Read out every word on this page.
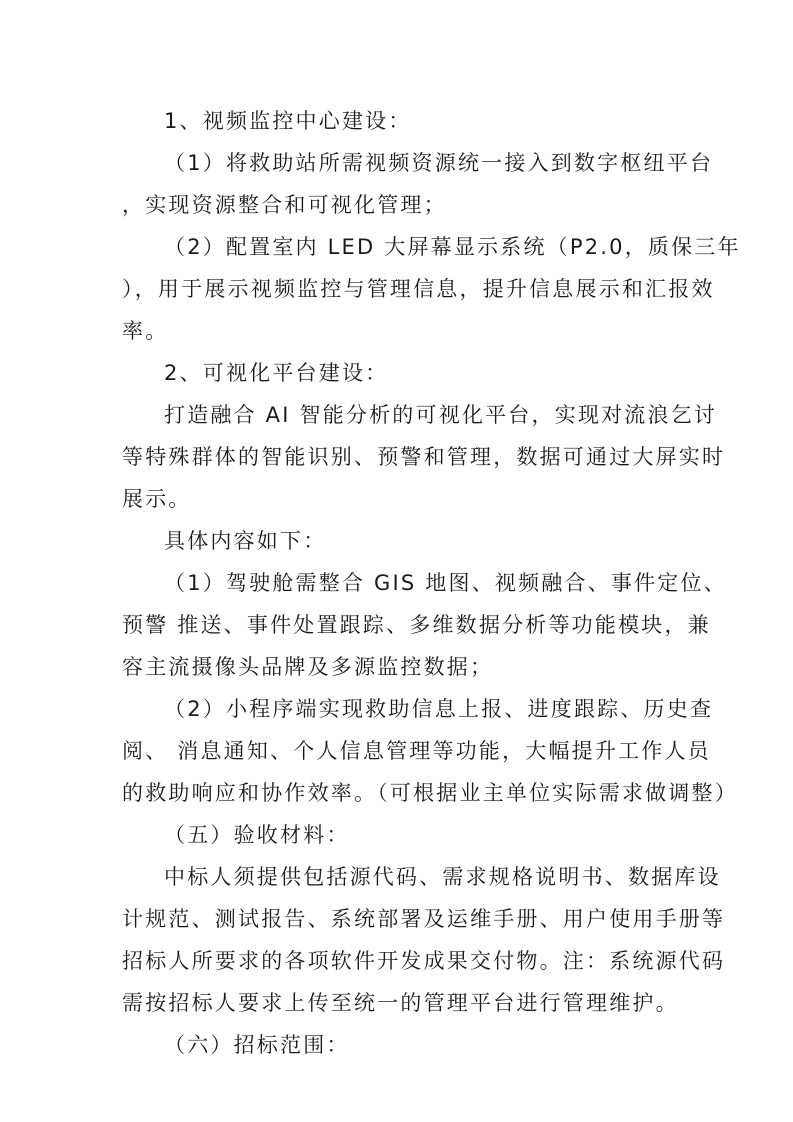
1、视频监控中心建设：
（1）将救助站所需视频资源统一接入到数字枢纽平台
，实现资源整合和可视化管理；
（2）配置室内 LED 大屏幕显示系统（P2.0，质保三年
），用于展示视频监控与管理信息，提升信息展示和汇报效
率。
2、可视化平台建设：
打造融合 AI 智能分析的可视化平台，实现对流浪乞讨
等特殊群体的智能识别、预警和管理，数据可通过大屏实时
展示。
具体内容如下：
（1）驾驶舱需整合 GIS 地图、视频融合、事件定位、
预警 推送、事件处置跟踪、多维数据分析等功能模块，兼
容主流摄像头品牌及多源监控数据；
（2）小程序端实现救助信息上报、进度跟踪、历史查
阅、 消息通知、个人信息管理等功能，大幅提升工作人员
的救助响应和协作效率。（可根据业主单位实际需求做调整）
（五）验收材料：
中标人须提供包括源代码、需求规格说明书、数据库设
计规范、测试报告、系统部署及运维手册、用户使用手册等
招标人所要求的各项软件开发成果交付物。注：系统源代码
需按招标人要求上传至统一的管理平台进行管理维护。
（六）招标范围：
